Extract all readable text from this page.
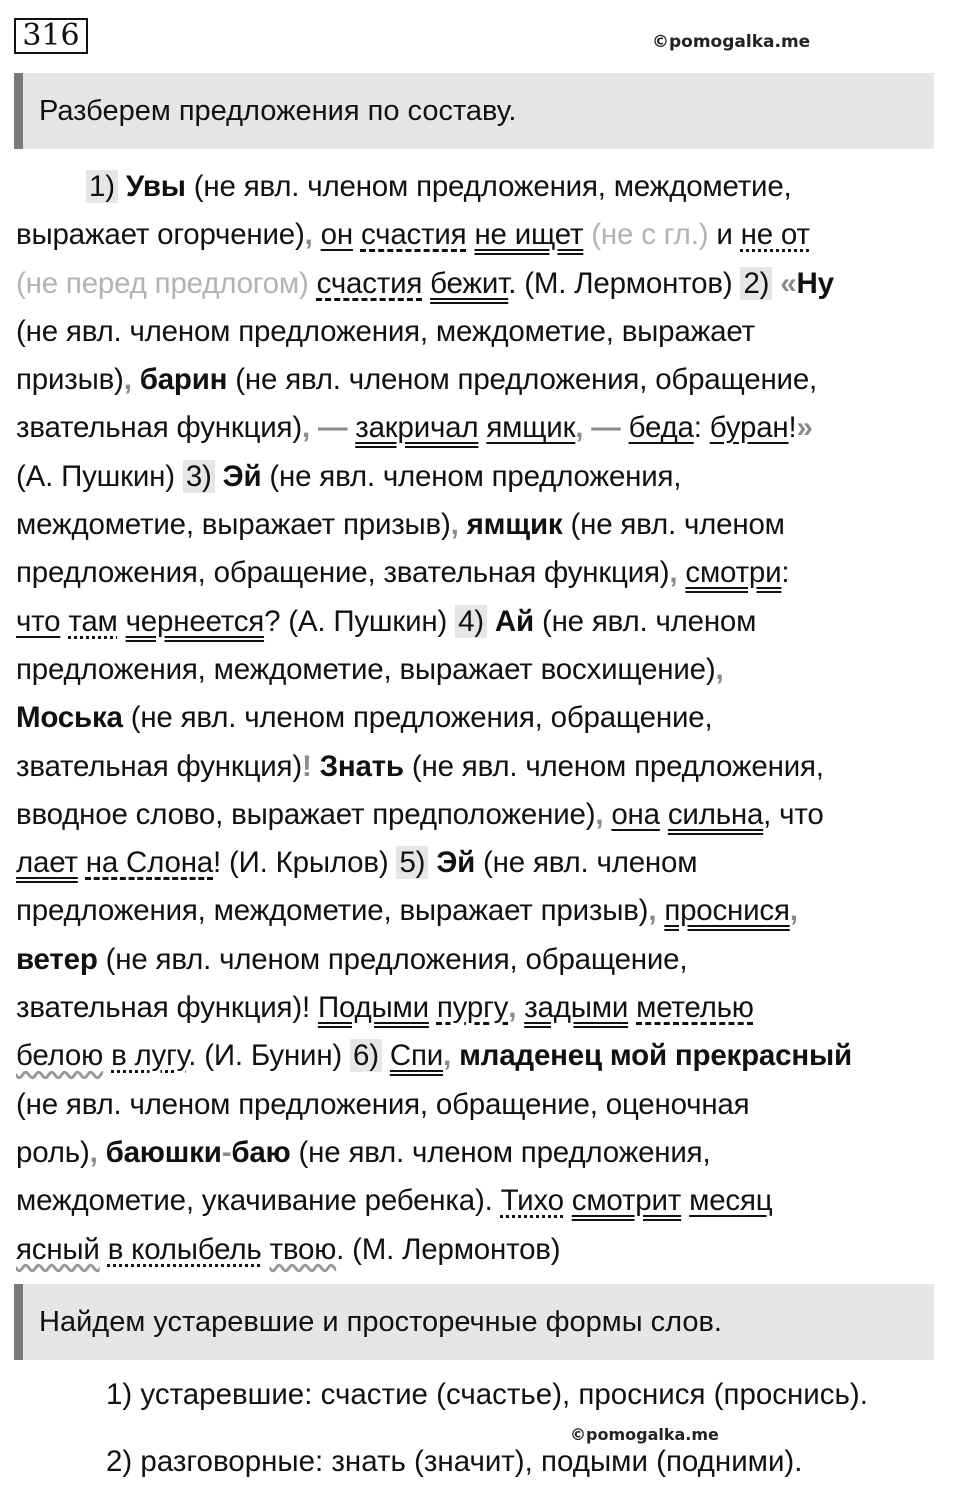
316	©pomogalka.me
Разберем предложения по составу.
1) Увы (не явл. членом предложения, междометие,
выражает огорчение), он счастия не ищет (не с гл.) и не от
(не перед предлогом) счастия бежит. (М. Лермонтов) 2) «Ну
(не явл. членом предложения, междометие, выражает
призыв), барин (не явл. членом предложения, обращение,
звательная функция), — закричал ямщик, — беда: буран!»
(А. Пушкин) 3) Эй (не явл. членом предложения,
междометие, выражает призыв), ямщик (не явл. членом
предложения, обращение, звательная функция), смотри:
что там чернеется? (А. Пушкин) 4) Ай (не явл. членом
предложения, междометие, выражает восхищение),
Моська (не явл. членом предложения, обращение,
звательная функция)! Знать (не явл. членом предложения,
вводное слово, выражает предположение), она сильна, что
лает на Слона! (И. Крылов) 5) Эй (не явл. членом
предложения, междометие, выражает призыв), проснися,
ветер (не явл. членом предложения, обращение,
звательная функция)! Подыми пургу, задыми метелью
белою в лугу. (И. Бунин) 6) Спи, младенец мой прекрасный
(не явл. членом предложения, обращение, оценочная
роль), баюшки-баю (не явл. членом предложения,
междометие, укачивание ребенка). Тихо смотрит месяц
ясный в колыбель твою. (М. Лермонтов)
Найдем устаревшие и просторечные формы слов.
1) устаревшие: счастие (счастье), проснися (проснись).
©pomogalka.me
2) разговорные: знать (значит), подыми (подними).
